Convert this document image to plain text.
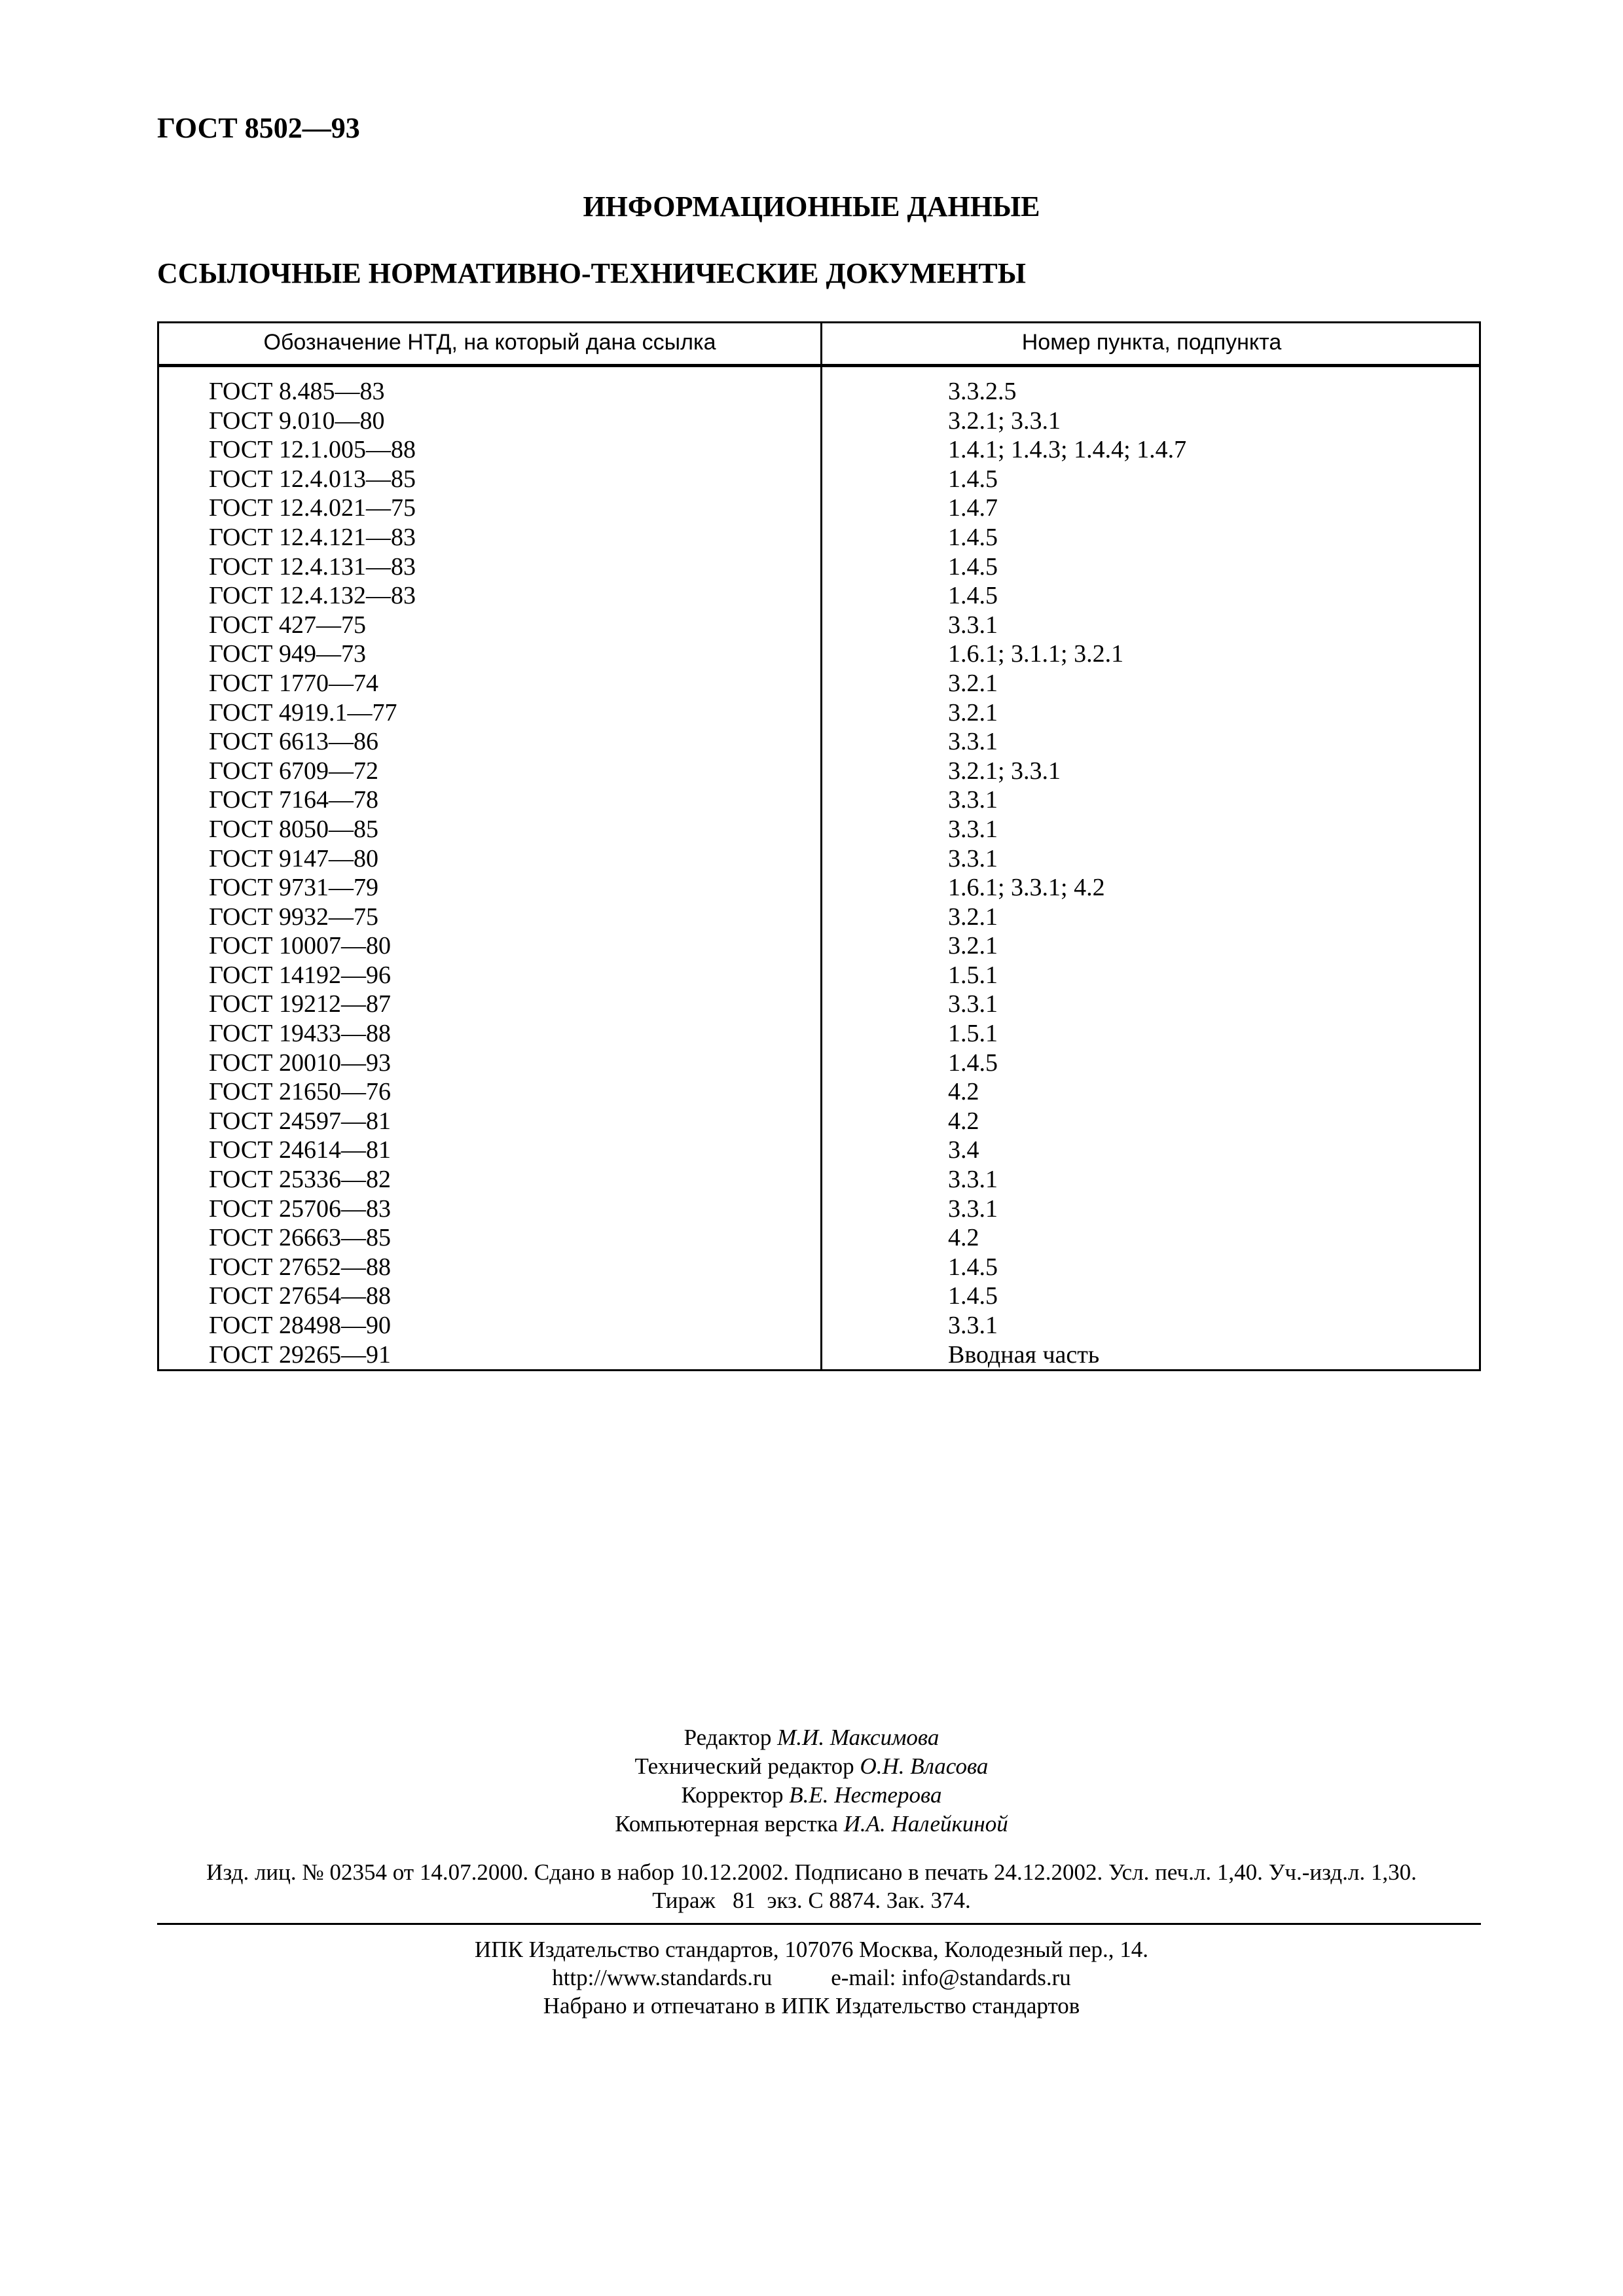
ГОСТ 8502—93
ИНФОРМАЦИОННЫЕ ДАННЫЕ
ССЫЛОЧНЫЕ НОРМАТИВНО-ТЕХНИЧЕСКИЕ ДОКУМЕНТЫ
Обозначение НТД, на который дана ссылка	Номер пункта, подпункта
ГОСТ 8.485—83	3.3.2.5
ГОСТ 9.010—80	3.2.1; 3.3.1
ГОСТ 12.1.005—88	1.4.1; 1.4.3; 1.4.4; 1.4.7
ГОСТ 12.4.013—85	1.4.5
ГОСТ 12.4.021—75	1.4.7
ГОСТ 12.4.121—83	1.4.5
ГОСТ 12.4.131—83	1.4.5
ГОСТ 12.4.132—83	1.4.5
ГОСТ 427—75	3.3.1
ГОСТ 949—73	1.6.1; 3.1.1; 3.2.1
ГОСТ 1770—74	3.2.1
ГОСТ 4919.1—77	3.2.1
ГОСТ 6613—86	3.3.1
ГОСТ 6709—72	3.2.1; 3.3.1
ГОСТ 7164—78	3.3.1
ГОСТ 8050—85	3.3.1
ГОСТ 9147—80	3.3.1
ГОСТ 9731—79	1.6.1; 3.3.1; 4.2
ГОСТ 9932—75	3.2.1
ГОСТ 10007—80	3.2.1
ГОСТ 14192—96	1.5.1
ГОСТ 19212—87	3.3.1
ГОСТ 19433—88	1.5.1
ГОСТ 20010—93	1.4.5
ГОСТ 21650—76	4.2
ГОСТ 24597—81	4.2
ГОСТ 24614—81	3.4
ГОСТ 25336—82	3.3.1
ГОСТ 25706—83	3.3.1
ГОСТ 26663—85	4.2
ГОСТ 27652—88	1.4.5
ГОСТ 27654—88	1.4.5
ГОСТ 28498—90	3.3.1
ГОСТ 29265—91	Вводная часть
Редактор М.И. Максимова
Технический редактор О.Н. Власова
Корректор В.Е. Нестерова
Компьютерная верстка И.А. Налейкиной
Изд. лиц. № 02354 от 14.07.2000. Сдано в набор 10.12.2002. Подписано в печать 24.12.2002. Усл. печ.л. 1,40. Уч.-изд.л. 1,30.
Тираж   81  экз. С 8874. Зак. 374.
ИПК Издательство стандартов, 107076 Москва, Колодезный пер., 14.
http://www.standards.ru	e-mail: info@standards.ru
Набрано и отпечатано в ИПК Издательство стандартов
